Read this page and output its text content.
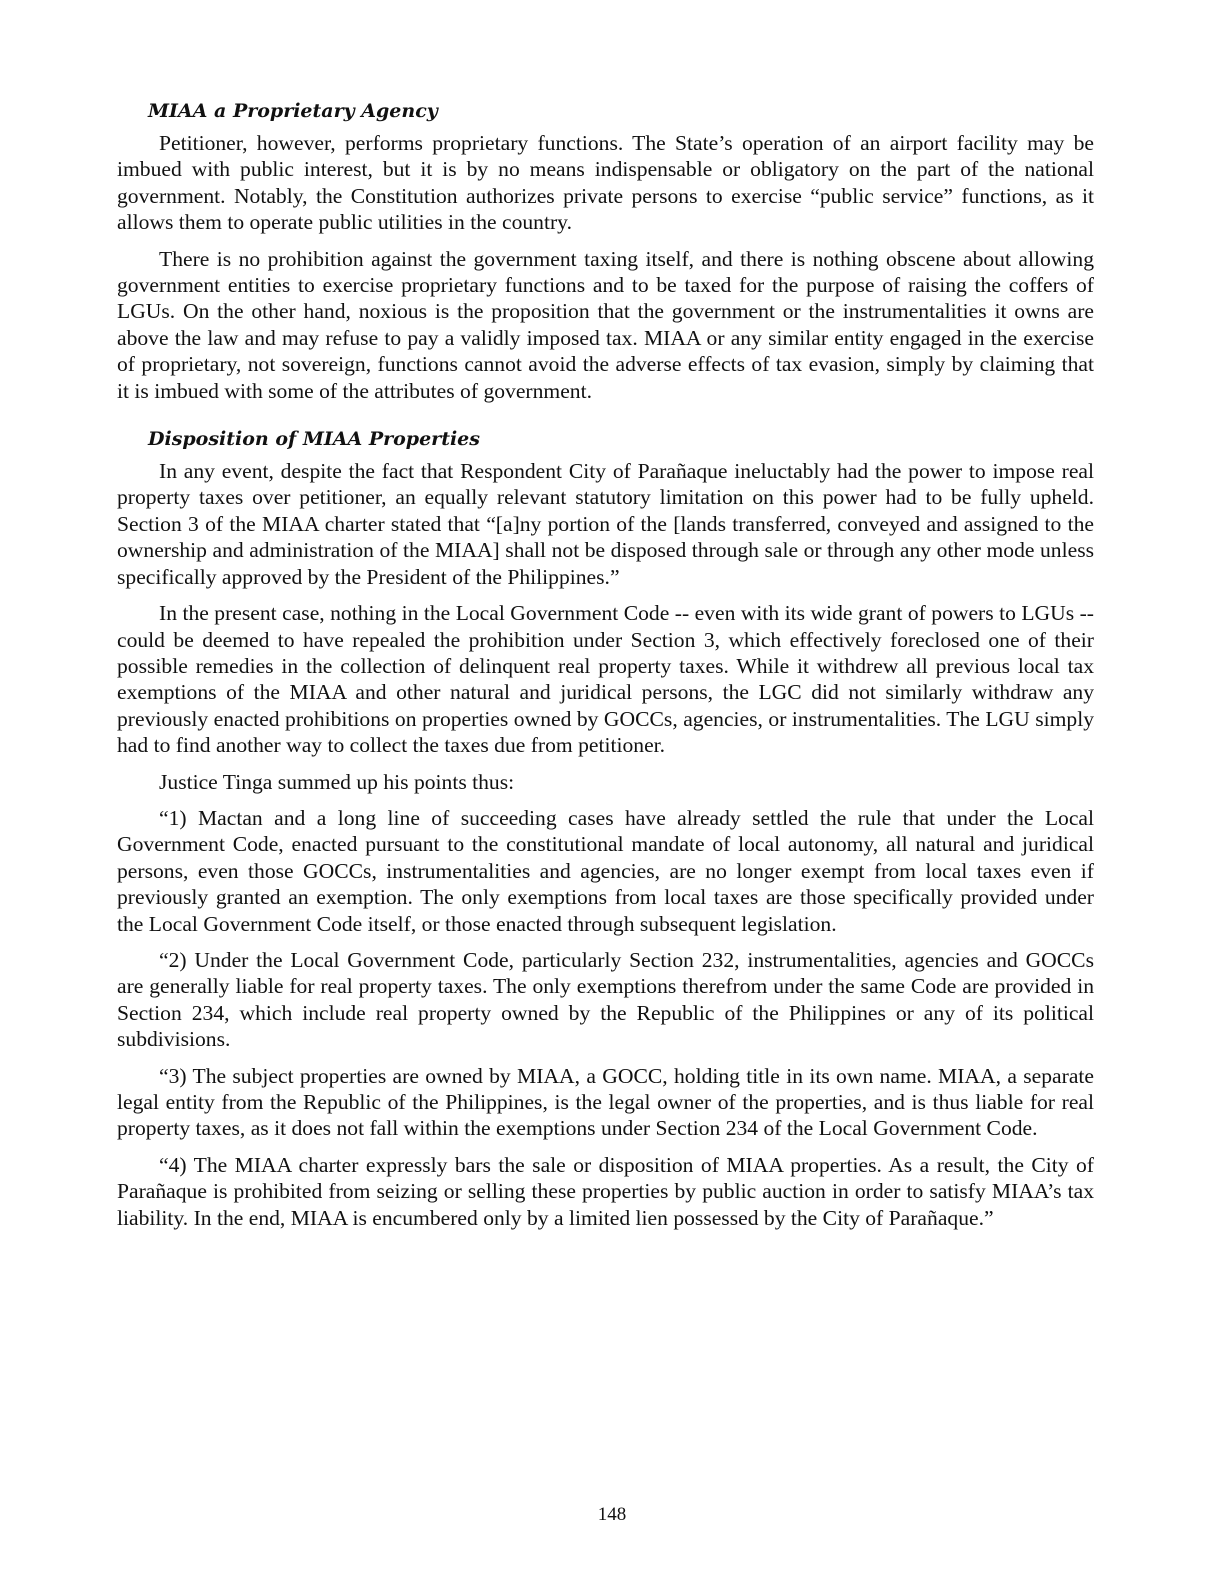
MIAA a Proprietary Agency

Petitioner, however, performs proprietary functions. The State’s operation of an airport facility may be imbued with public interest, but it is by no means indispensable or obligatory on the part of the national government. Notably, the Constitution authorizes private persons to exercise “public service” functions, as it allows them to operate public utilities in the country.

There is no prohibition against the government taxing itself, and there is nothing obscene about allowing government entities to exercise proprietary functions and to be taxed for the purpose of raising the coffers of LGUs. On the other hand, noxious is the proposition that the government or the instrumentalities it owns are above the law and may refuse to pay a validly imposed tax. MIAA or any similar entity engaged in the exercise of proprietary, not sovereign, functions cannot avoid the adverse effects of tax evasion, simply by claiming that it is imbued with some of the attributes of government.

Disposition of MIAA Properties

In any event, despite the fact that Respondent City of Parañaque ineluctably had the power to impose real property taxes over petitioner, an equally relevant statutory limitation on this power had to be fully upheld. Section 3 of the MIAA charter stated that “[a]ny portion of the [lands transferred, conveyed and assigned to the ownership and administration of the MIAA] shall not be disposed through sale or through any other mode unless specifically approved by the President of the Philippines.”

In the present case, nothing in the Local Government Code -- even with its wide grant of powers to LGUs -- could be deemed to have repealed the prohibition under Section 3, which effectively foreclosed one of their possible remedies in the collection of delinquent real property taxes. While it withdrew all previous local tax exemptions of the MIAA and other natural and juridical persons, the LGC did not similarly withdraw any previously enacted prohibitions on properties owned by GOCCs, agencies, or instrumentalities. The LGU simply had to find another way to collect the taxes due from petitioner.

Justice Tinga summed up his points thus:

“1) Mactan and a long line of succeeding cases have already settled the rule that under the Local Government Code, enacted pursuant to the constitutional mandate of local autonomy, all natural and juridical persons, even those GOCCs, instrumentalities and agencies, are no longer exempt from local taxes even if previously granted an exemption. The only exemptions from local taxes are those specifically provided under the Local Government Code itself, or those enacted through subsequent legislation.

“2) Under the Local Government Code, particularly Section 232, instrumentalities, agencies and GOCCs are generally liable for real property taxes. The only exemptions therefrom under the same Code are provided in Section 234, which include real property owned by the Republic of the Philippines or any of its political subdivisions.

“3) The subject properties are owned by MIAA, a GOCC, holding title in its own name. MIAA, a separate legal entity from the Republic of the Philippines, is the legal owner of the properties, and is thus liable for real property taxes, as it does not fall within the exemptions under Section 234 of the Local Government Code.

“4) The MIAA charter expressly bars the sale or disposition of MIAA properties. As a result, the City of Parañaque is prohibited from seizing or selling these properties by public auction in order to satisfy MIAA’s tax liability. In the end, MIAA is encumbered only by a limited lien possessed by the City of Parañaque.”

148
